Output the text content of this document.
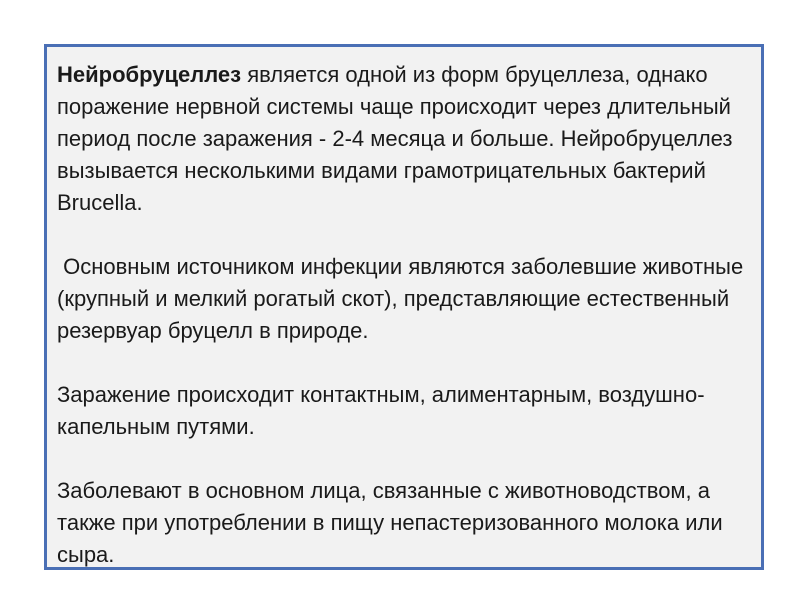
Нейробруцеллез является одной из форм бруцеллеза, однако поражение нервной системы чаще происходит через длительный период после заражения - 2-4 месяца и больше. Нейробруцеллез вызывается несколькими видами грамотрицательных бактерий Brucella.

Основным источником инфекции являются заболевшие животные (крупный и мелкий рогатый скот), представляющие естественный резервуар бруцелл в природе.

Заражение происходит контактным, алиментарным, воздушно-капельным путями.

Заболевают в основном лица, связанные с животноводством, а также при употреблении в пищу непастеризованного молока или сыра.
